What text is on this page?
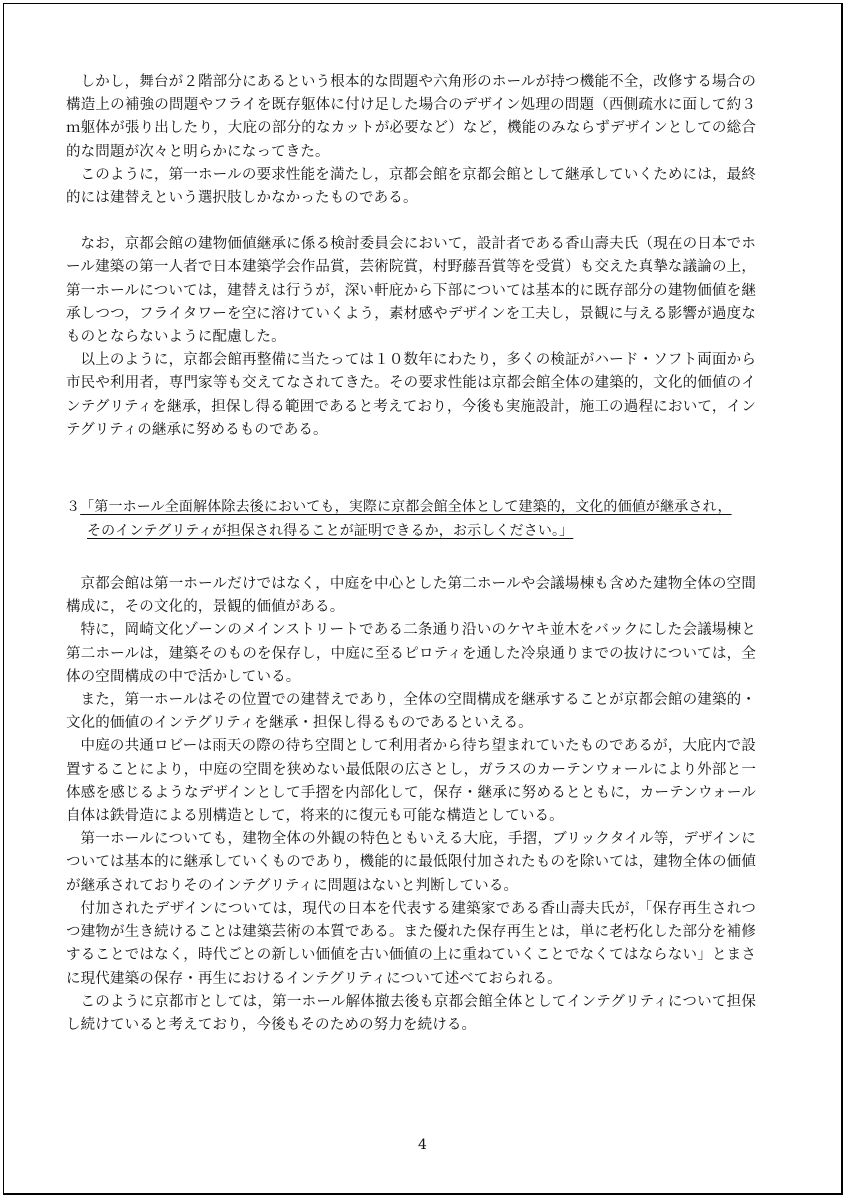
しかし，舞台が２階部分にあるという根本的な問題や六角形のホールが持つ機能不全，改修する場合の構造上の補強の問題やフライを既存躯体に付け足した場合のデザイン処理の問題（西側疏水に面して約３ｍ躯体が張り出したり，大庇の部分的なカットが必要など）など，機能のみならずデザインとしての総合的な問題が次々と明らかになってきた。

このように，第一ホールの要求性能を満たし，京都会館を京都会館として継承していくためには，最終的には建替えという選択肢しかなかったものである。

なお，京都会館の建物価値継承に係る検討委員会において，設計者である香山壽夫氏（現在の日本でホール建築の第一人者で日本建築学会作品賞，芸術院賞，村野藤吾賞等を受賞）も交えた真摯な議論の上，第一ホールについては，建替えは行うが，深い軒庇から下部については基本的に既存部分の建物価値を継承しつつ，フライタワーを空に溶けていくよう，素材感やデザインを工夫し，景観に与える影響が過度なものとならないように配慮した。

以上のように，京都会館再整備に当たっては１０数年にわたり，多くの検証がハード・ソフト両面から市民や利用者，専門家等も交えてなされてきた。その要求性能は京都会館全体の建築的，文化的価値のインテグリティを継承，担保し得る範囲であると考えており，今後も実施設計，施工の過程において，インテグリティの継承に努めるものである。

３「第一ホール全面解体除去後においても，実際に京都会館全体として建築的，文化的価値が継承され，
そのインテグリティが担保され得ることが証明できるか，お示しください。」

京都会館は第一ホールだけではなく，中庭を中心とした第二ホールや会議場棟も含めた建物全体の空間構成に，その文化的，景観的価値がある。

特に，岡崎文化ゾーンのメインストリートである二条通り沿いのケヤキ並木をバックにした会議場棟と第二ホールは，建築そのものを保存し，中庭に至るピロティを通した冷泉通りまでの抜けについては，全体の空間構成の中で活かしている。

また，第一ホールはその位置での建替えであり，全体の空間構成を継承することが京都会館の建築的・文化的価値のインテグリティを継承・担保し得るものであるといえる。

中庭の共通ロビーは雨天の際の待ち空間として利用者から待ち望まれていたものであるが，大庇内で設置することにより，中庭の空間を狭めない最低限の広さとし，ガラスのカーテンウォールにより外部と一体感を感じるようなデザインとして手摺を内部化して，保存・継承に努めるとともに，カーテンウォール自体は鉄骨造による別構造として，将来的に復元も可能な構造としている。

第一ホールについても，建物全体の外観の特色ともいえる大庇，手摺，ブリックタイル等，デザインについては基本的に継承していくものであり，機能的に最低限付加されたものを除いては，建物全体の価値が継承されておりそのインテグリティに問題はないと判断している。

付加されたデザインについては，現代の日本を代表する建築家である香山壽夫氏が，「保存再生されつつ建物が生き続けることは建築芸術の本質である。また優れた保存再生とは，単に老朽化した部分を補修することではなく，時代ごとの新しい価値を古い価値の上に重ねていくことでなくてはならない」とまさに現代建築の保存・再生におけるインテグリティについて述べておられる。

このように京都市としては，第一ホール解体撤去後も京都会館全体としてインテグリティについて担保し続けていると考えており，今後もそのための努力を続ける。

4
